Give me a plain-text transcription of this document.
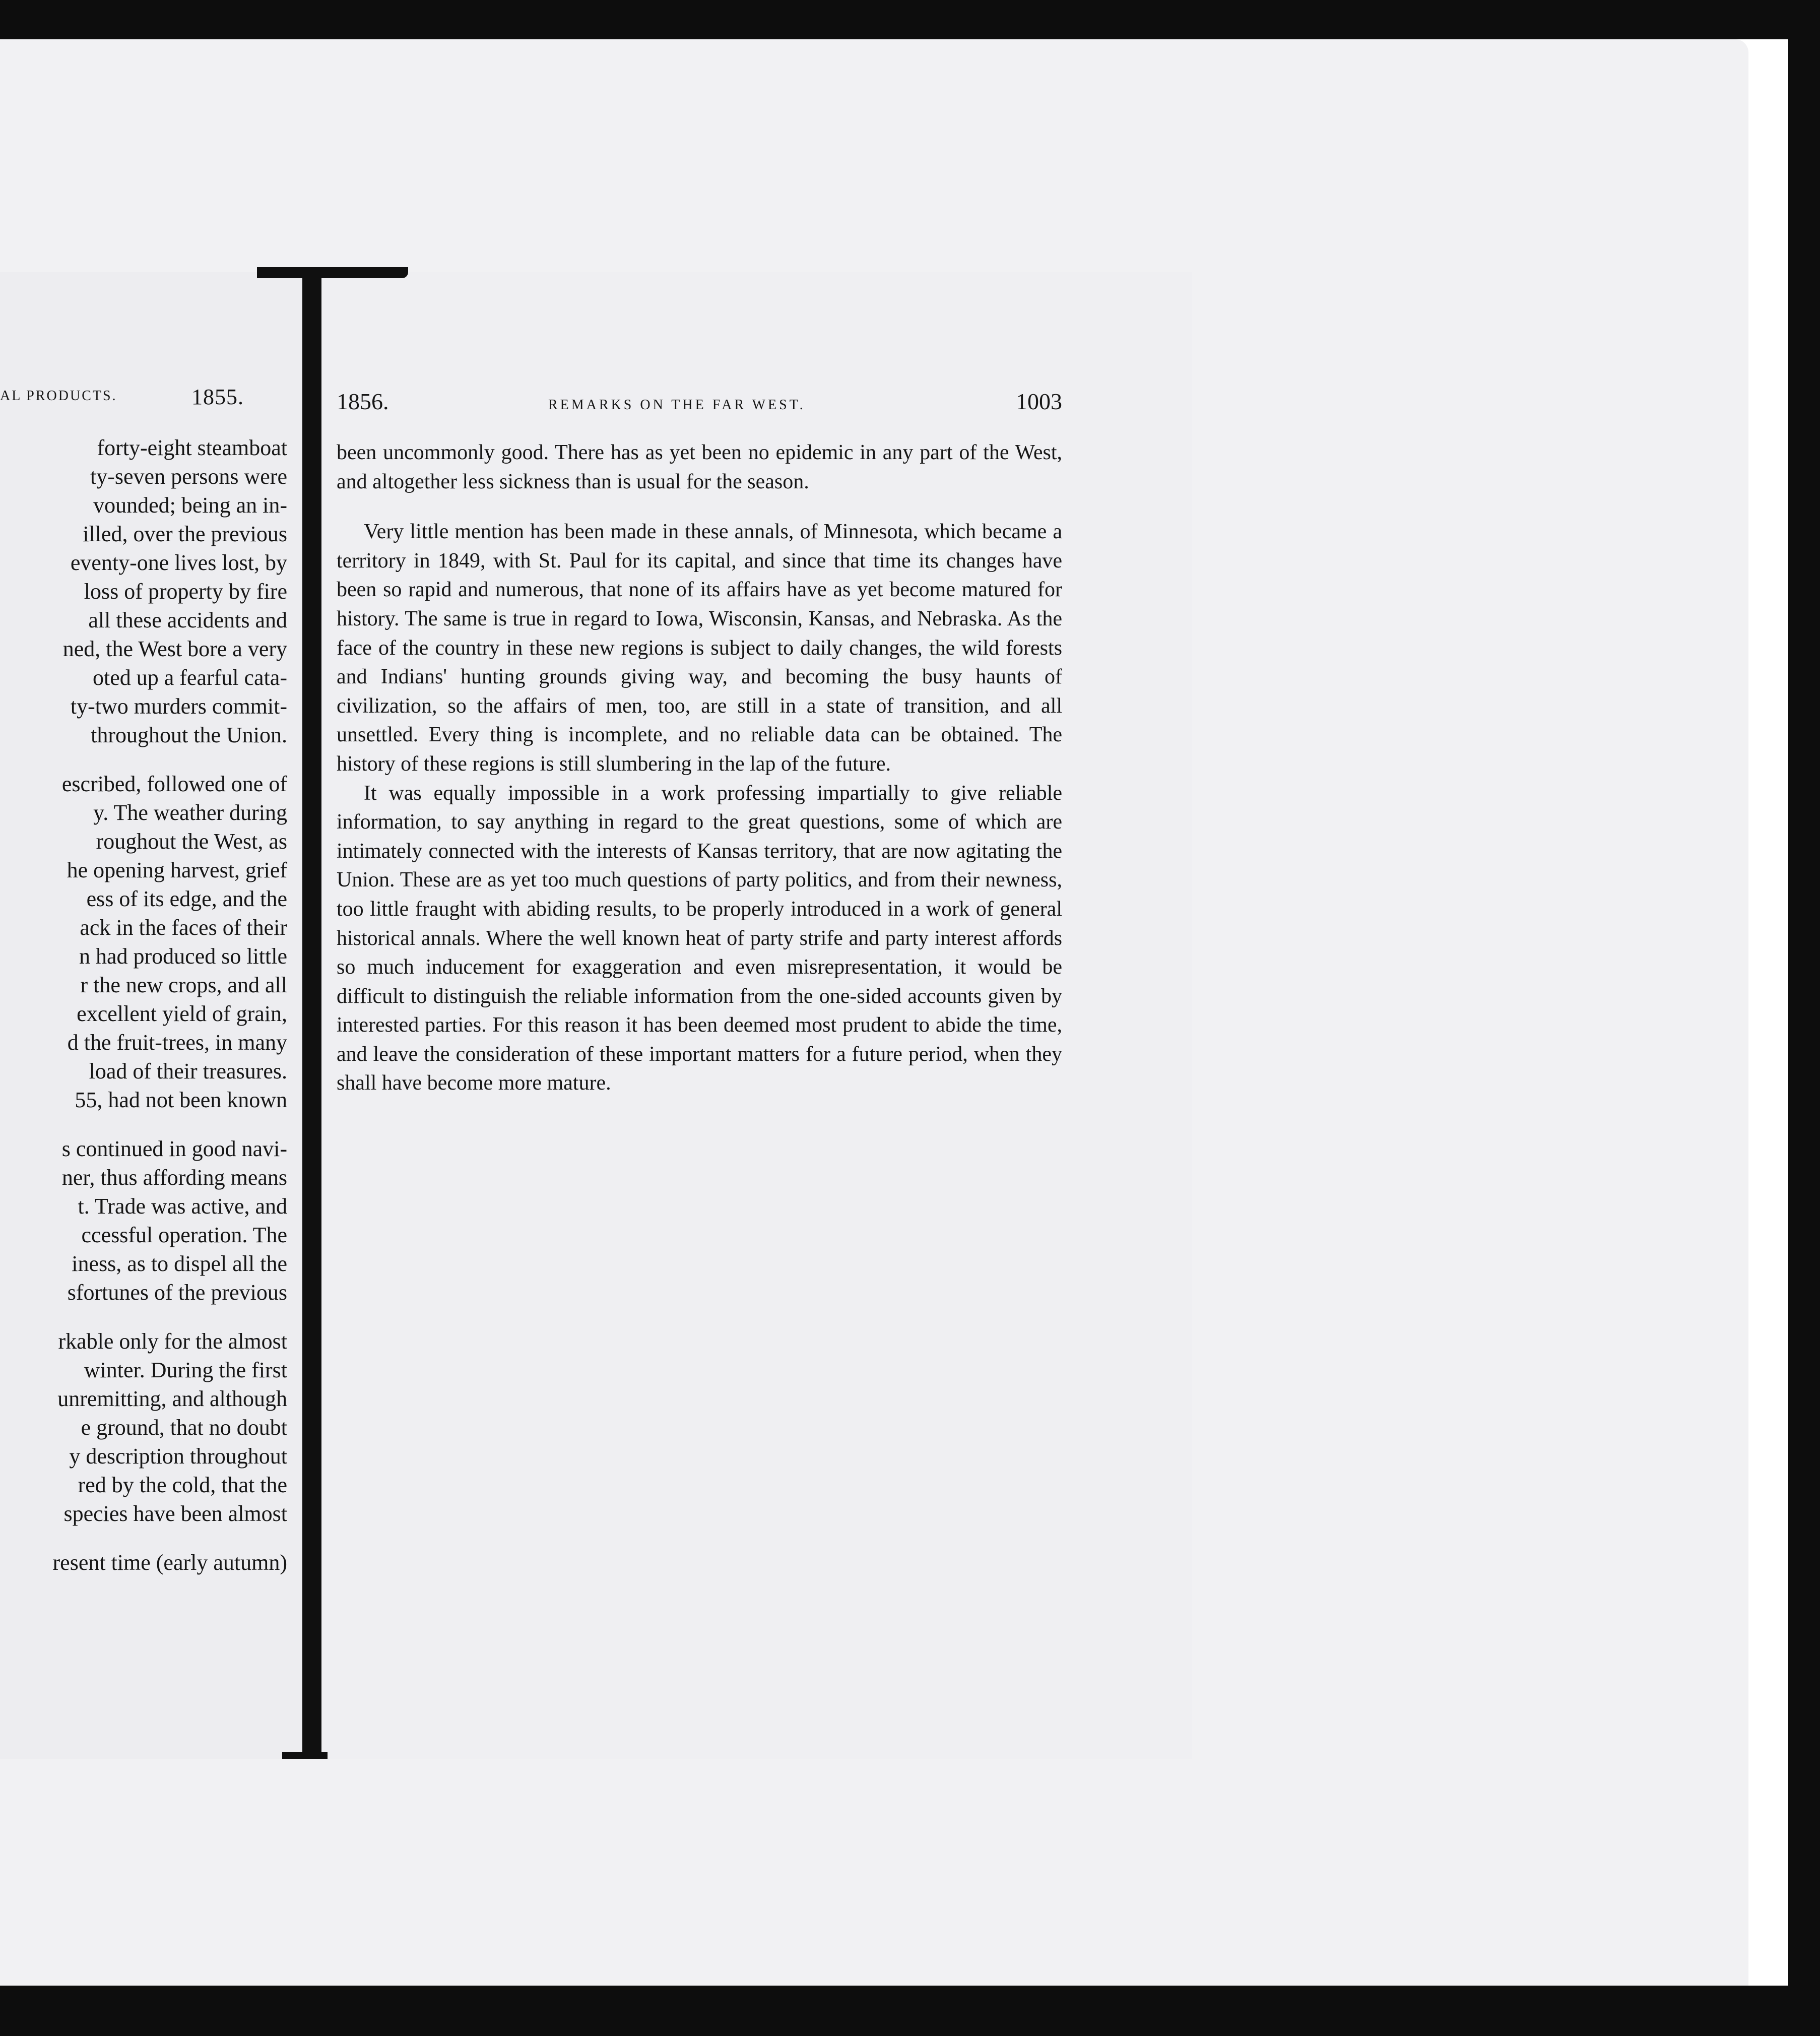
AL PRODUCTS.	1855.
forty-eight steamboat
ty-seven persons were
vounded; being an in-
illed, over the previous
eventy-one lives lost, by
loss of property by fire
all these accidents and
ned, the West bore a very
oted up a fearful cata-
ty-two murders commit-
throughout the Union.
escribed, followed one of
y. The weather during
roughout the West, as
he opening harvest, grief
ess of its edge, and the
ack in the faces of their
n had produced so little
r the new crops, and all
excellent yield of grain,
d the fruit-trees, in many
load of their treasures.
55, had not been known
s continued in good navi-
ner, thus affording means
t. Trade was active, and
ccessful operation. The
iness, as to dispel all the
sfortunes of the previous
rkable only for the almost
winter. During the first
unremitting, and although
e ground, that no doubt
y description throughout
red by the cold, that the
species have been almost
resent time (early autumn)
1856.	REMARKS ON THE FAR WEST.	1003

been uncommonly good. There has as yet been no epidemic in any part of the West, and altogether less sickness than is usual for the season.

Very little mention has been made in these annals, of Minnesota, which became a territory in 1849, with St. Paul for its capital, and since that time its changes have been so rapid and numerous, that none of its affairs have as yet become matured for history. The same is true in regard to Iowa, Wisconsin, Kansas, and Nebraska. As the face of the country in these new regions is subject to daily changes, the wild forests and Indians' hunting grounds giving way, and becoming the busy haunts of civilization, so the affairs of men, too, are still in a state of transition, and all unsettled. Every thing is incomplete, and no reliable data can be obtained. The history of these regions is still slumbering in the lap of the future.

It was equally impossible in a work professing impartially to give reliable information, to say anything in regard to the great questions, some of which are intimately connected with the interests of Kansas territory, that are now agitating the Union. These are as yet too much questions of party politics, and from their newness, too little fraught with abiding results, to be properly introduced in a work of general historical annals. Where the well known heat of party strife and party interest affords so much inducement for exaggeration and even misrepresentation, it would be difficult to distinguish the reliable information from the one-sided accounts given by interested parties. For this reason it has been deemed most prudent to abide the time, and leave the consideration of these important matters for a future period, when they shall have become more mature.
